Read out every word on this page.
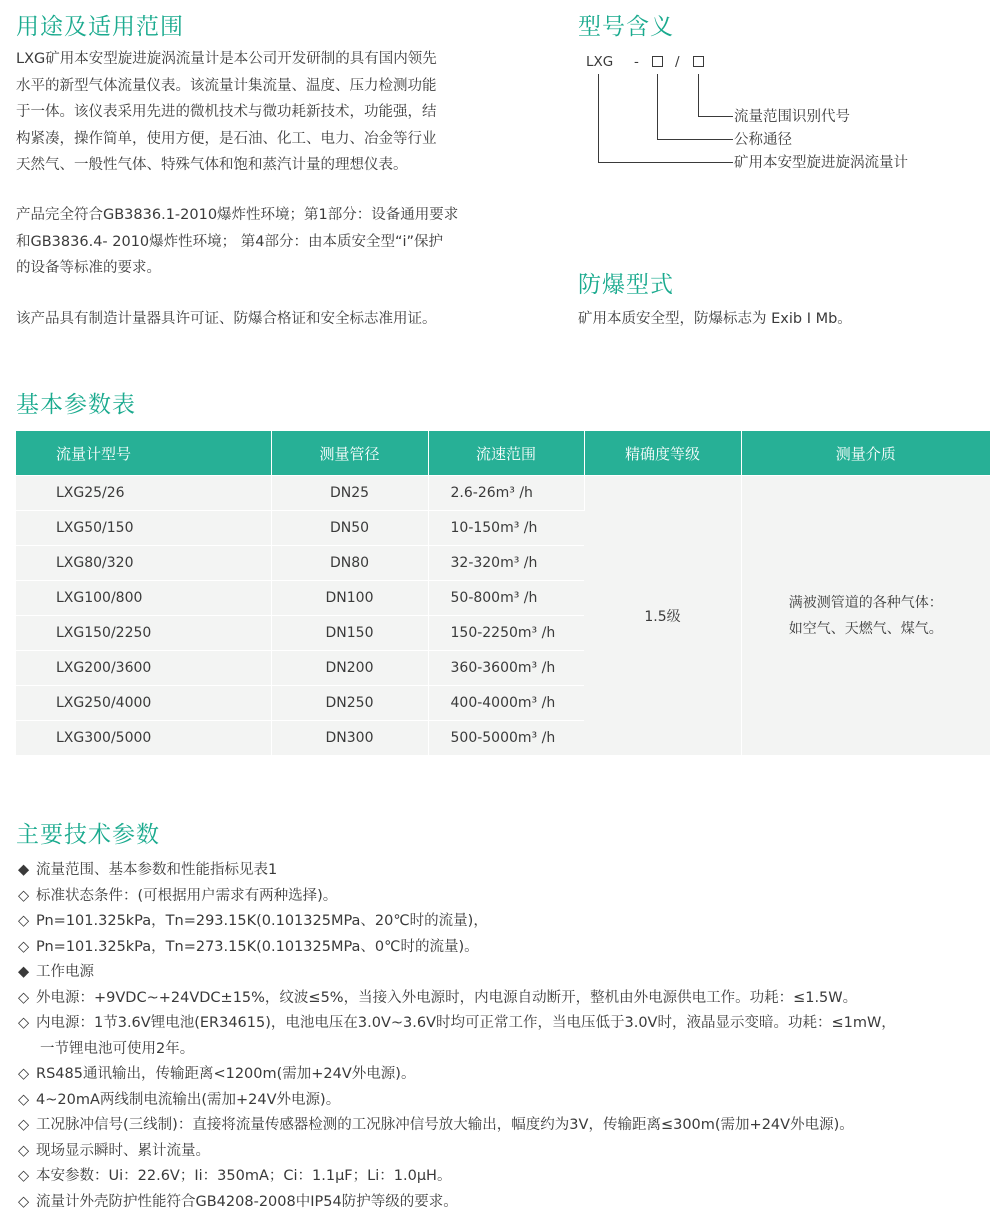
用途及适用范围
LXG矿用本安型旋进旋涡流量计是本公司开发研制的具有国内领先
水平的新型气体流量仪表。该流量计集流量、温度、压力检测功能
于一体。该仪表采用先进的微机技术与微功耗新技术，功能强，结
构紧凑，操作简单，使用方便，是石油、化工、电力、冶金等行业
天然气、一般性气体、特殊气体和饱和蒸汽计量的理想仪表。
产品完全符合GB3836.1-2010爆炸性环境；第1部分：设备通用要求
和GB3836.4- 2010爆炸性环境； 第4部分：由本质安全型“i”保护
的设备等标准的要求。
该产品具有制造计量器具许可证、防爆合格证和安全标志准用证。
型号含义
LXG -	/
流量范围识别代号
公称通径
矿用本安型旋进旋涡流量计
防爆型式
矿用本质安全型，防爆标志为 Exib I Mb。
基本参数表
流量计型号	测量管径	流速范围	精确度等级	测量介质
LXG25/26	DN25	2.6-26m³ /h	1.5级	满被测管道的各种气体：
如空气、天燃气、煤气。

LXG50/150	DN50	10-150m³ /h		
LXG80/320	DN80	32-320m³ /h		
LXG100/800	DN100	50-800m³ /h		
LXG150/2250	DN150	150-2250m³ /h		
LXG200/3600	DN200	360-3600m³ /h		
LXG250/4000	DN250	400-4000m³ /h		
LXG300/5000	DN300	500-5000m³ /h		
主要技术参数
◆ 流量范围、基本参数和性能指标见表1
◇ 标准状态条件：(可根据用户需求有两种选择)。
◇ Pn=101.325kPa，Tn=293.15K(0.101325MPa、20℃时的流量)，
◇ Pn=101.325kPa，Tn=273.15K(0.101325MPa、0℃时的流量)。
◆ 工作电源
◇ 外电源：+9VDC~+24VDC±15%，纹波≤5%，当接入外电源时，内电源自动断开，整机由外电源供电工作。功耗：≤1.5W。
◇ 内电源：1节3.6V锂电池(ER34615)，电池电压在3.0V~3.6V时均可正常工作，当电压低于3.0V时，液晶显示变暗。功耗：≤1mW，
一节锂电池可使用2年。
◇ RS485通讯输出，传输距离<1200m(需加+24V外电源)。
◇ 4~20mA两线制电流输出(需加+24V外电源)。
◇ 工况脉冲信号(三线制)：直接将流量传感器检测的工况脉冲信号放大输出，幅度约为3V，传输距离≤300m(需加+24V外电源)。
◇ 现场显示瞬时、累计流量。
◇ 本安参数：Ui：22.6V；Ii：350mA；Ci：1.1μF；Li：1.0μH。
◇ 流量计外壳防护性能符合GB4208-2008中IP54防护等级的要求。
